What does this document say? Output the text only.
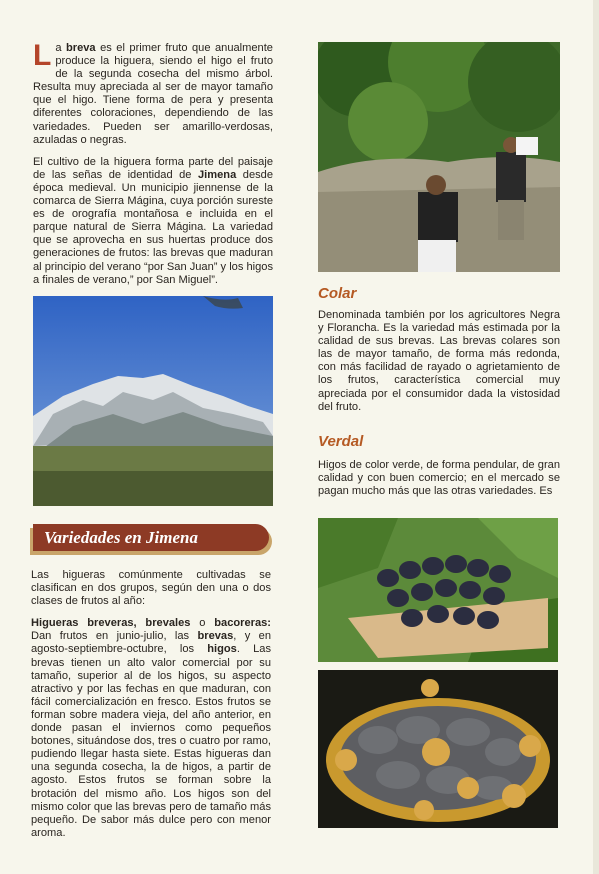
La breva es el primer fruto que anualmente produce la higuera, siendo el higo el fruto de la segunda cosecha del mismo árbol. Resulta muy apreciada al ser de mayor tamaño que el higo. Tiene forma de pera y presenta diferentes coloraciones, dependiendo de las variedades. Pueden ser amarillo-verdosas, azuladas o negras.

El cultivo de la higuera forma parte del paisaje de las señas de identidad de Jimena desde época medieval. Un municipio jiennense de la comarca de Sierra Mágina, cuya porción sureste es de orografía montañosa e incluida en el parque natural de Sierra Mágina. La variedad que se aprovecha en sus huertas produce dos generaciones de frutos: las brevas que maduran al principio del verano “por San Juan” y los higos a finales de verano,” por San Miguel”.

Variedades en Jimena

Las higueras comúnmente cultivadas se clasifican en dos grupos, según den una o dos clases de frutos al año:

Higueras breveras, brevales o bacoreras: Dan frutos en junio-julio, las brevas, y en agosto-septiembre-octubre, los higos. Las brevas tienen un alto valor comercial por su tamaño, superior al de los higos, su aspecto atractivo y por las fechas en que maduran, con fácil comercialización en fresco. Estos frutos se forman sobre madera vieja, del año anterior, en donde pasan el inviernos como pequeños botones, situándose dos, tres o cuatro por ramo, pudiendo llegar hasta siete. Estas higueras dan una segunda cosecha, la de higos, a partir de agosto. Estos frutos se forman sobre la brotación del mismo año. Los higos son del mismo color que las brevas pero de tamaño más pequeño. De sabor más dulce pero con menor aroma.

Colar
Denominada también por los agricultores Negra y Floranchа. Es la variedad más estimada por la calidad de sus brevas. Las brevas colares son las de mayor tamaño, de forma más redonda, con más facilidad de rayado o agrietamiento de los frutos, característica comercial muy apreciada por el consumidor dada la vistosidad del fruto.
Verdal
Higos de color verde, de forma pendular, de gran calidad y con buen comercio; en el mercado se pagan mucho más que las otras variedades. Es
